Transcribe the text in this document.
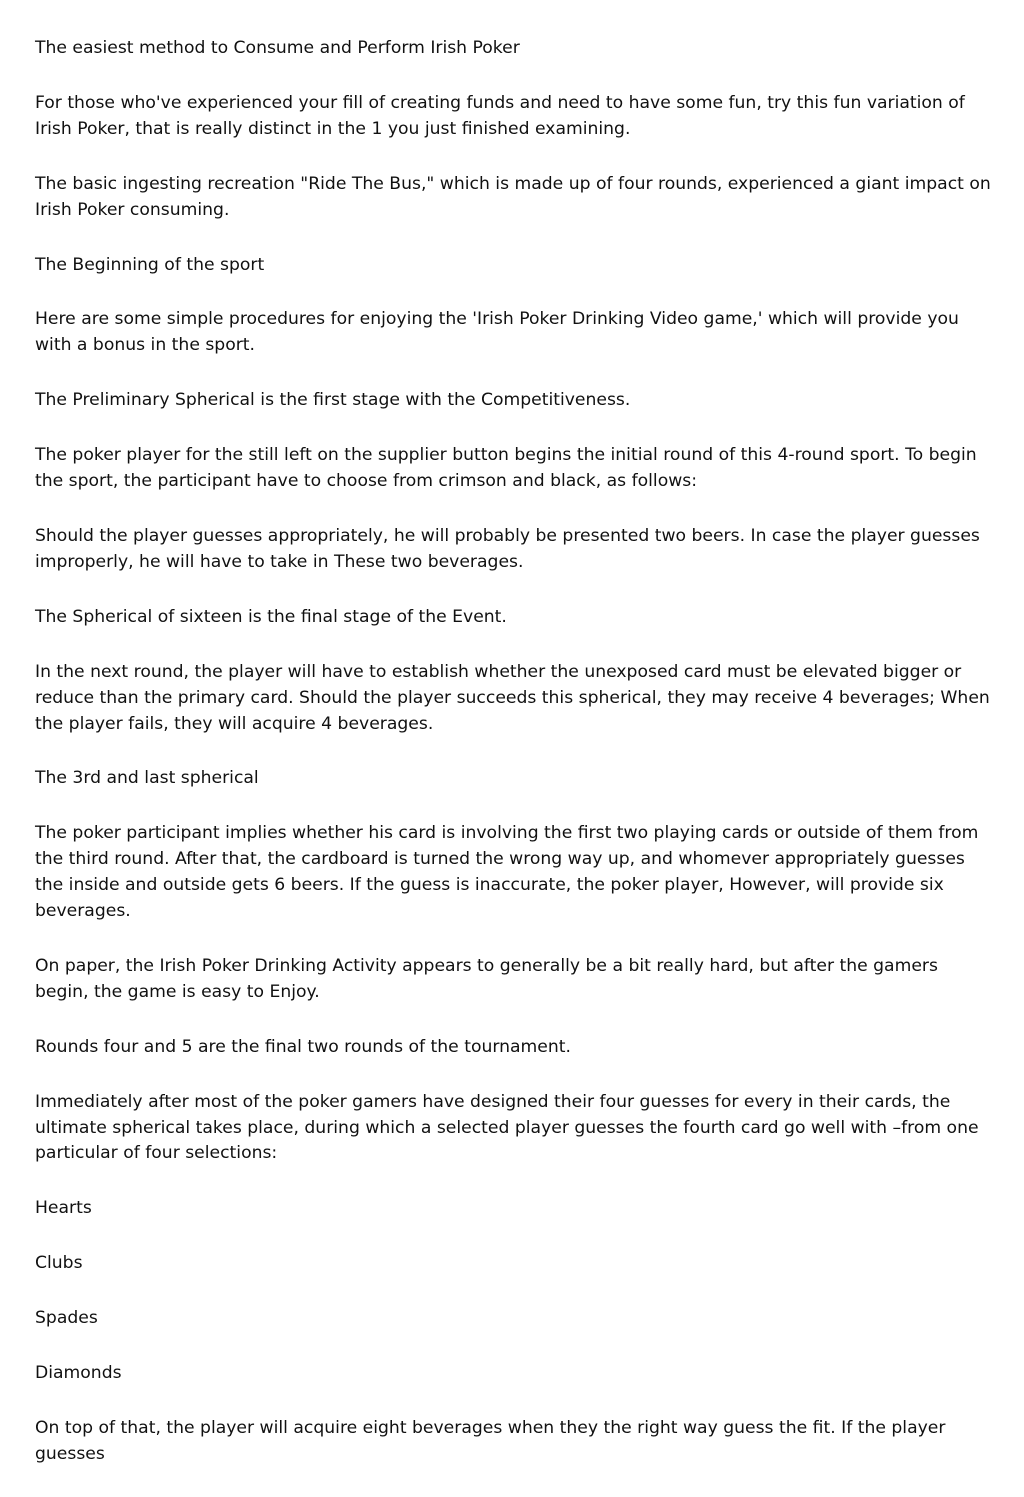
The easiest method to Consume and Perform Irish Poker

For those who've experienced your fill of creating funds and need to have some fun, try this fun variation of Irish Poker, that is really distinct in the 1 you just finished examining.

The basic ingesting recreation "Ride The Bus," which is made up of four rounds, experienced a giant impact on Irish Poker consuming.

The Beginning of the sport

Here are some simple procedures for enjoying the 'Irish Poker Drinking Video game,' which will provide you with a bonus in the sport.

The Preliminary Spherical is the first stage with the Competitiveness.

The poker player for the still left on the supplier button begins the initial round of this 4-round sport. To begin the sport, the participant have to choose from crimson and black, as follows:

Should the player guesses appropriately, he will probably be presented two beers. In case the player guesses improperly, he will have to take in These two beverages.

The Spherical of sixteen is the final stage of the Event.

In the next round, the player will have to establish whether the unexposed card must be elevated bigger or reduce than the primary card. Should the player succeeds this spherical, they may receive 4 beverages; When the player fails, they will acquire 4 beverages.

The 3rd and last spherical

The poker participant implies whether his card is involving the first two playing cards or outside of them from the third round. After that, the cardboard is turned the wrong way up, and whomever appropriately guesses the inside and outside gets 6 beers. If the guess is inaccurate, the poker player, However, will provide six beverages.

On paper, the Irish Poker Drinking Activity appears to generally be a bit really hard, but after the gamers begin, the game is easy to Enjoy.

Rounds four and 5 are the final two rounds of the tournament.

Immediately after most of the poker gamers have designed their four guesses for every in their cards, the ultimate spherical takes place, during which a selected player guesses the fourth card go well with –from one particular of four selections:

Hearts

Clubs

Spades

Diamonds

On top of that, the player will acquire eight beverages when they the right way guess the fit. If the player guesses
